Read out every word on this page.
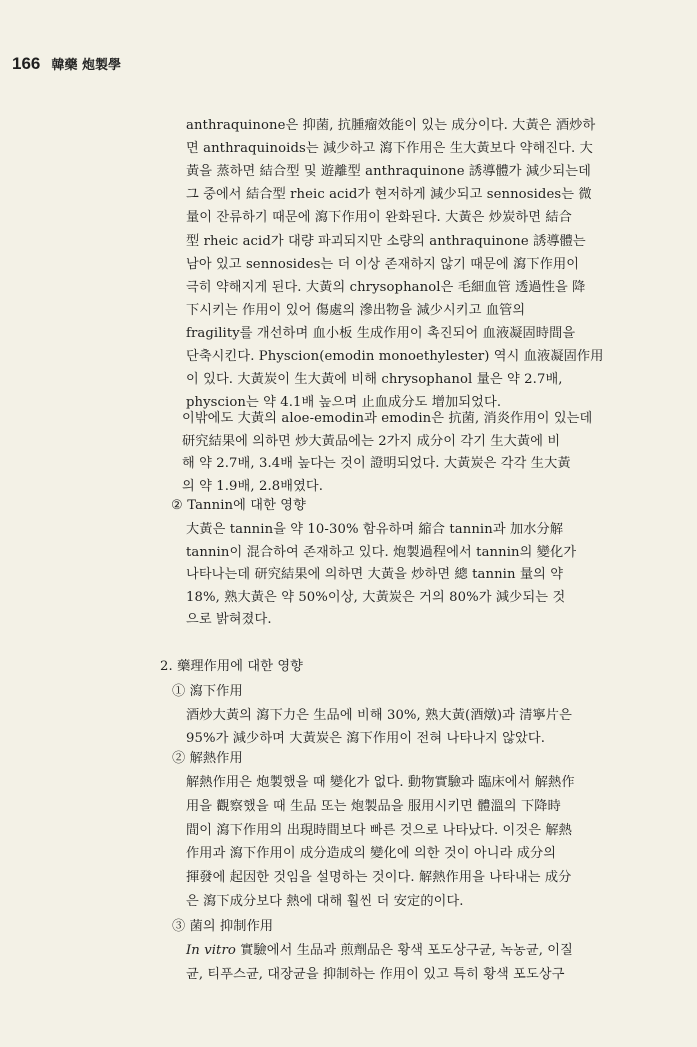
166 韓藥 炮製學
anthraquinone은 抑菌, 抗腫瘤效能이 있는 成分이다. 大黃은 酒炒하
면 anthraquinoids는 減少하고 瀉下作用은 生大黃보다 약해진다. 大
黃을 蒸하면 結合型 및 遊離型 anthraquinone 誘導體가 減少되는데
그 중에서 結合型 rheic acid가 현저하게 減少되고 sennosides는 微
量이 잔류하기 때문에 瀉下作用이 완화된다. 大黃은 炒炭하면 結合
型 rheic acid가 대량 파괴되지만 소량의 anthraquinone 誘導體는
남아 있고 sennosides는 더 이상 존재하지 않기 때문에 瀉下作用이
극히 약해지게 된다. 大黃의 chrysophanol은 毛細血管 透過性을 降
下시키는 作用이 있어 傷處의 滲出物을 減少시키고 血管의
fragility를 개선하며 血小板 生成作用이 촉진되어 血液凝固時間을
단축시킨다. Physcion(emodin monoethylester) 역시 血液凝固作用
이 있다. 大黃炭이 生大黃에 비해 chrysophanol 量은 약 2.7배,
physcion는 약 4.1배 높으며 止血成分도 增加되었다.
이밖에도 大黃의 aloe-emodin과 emodin은 抗菌, 消炎作用이 있는데
研究結果에 의하면 炒大黃品에는 2가지 成分이 각기 生大黃에 비
해 약 2.7배, 3.4배 높다는 것이 證明되었다. 大黃炭은 각각 生大黃
의 약 1.9배, 2.8배였다.
② Tannin에 대한 영향
大黃은 tannin을 약 10-30% 함유하며 縮合 tannin과 加水分解
tannin이 混合하여 존재하고 있다. 炮製過程에서 tannin의 變化가
나타나는데 研究結果에 의하면 大黃을 炒하면 總 tannin 量의 약
18%, 熟大黃은 약 50%이상, 大黃炭은 거의 80%가 減少되는 것
으로 밝혀졌다.
2. 藥理作用에 대한 영향
① 瀉下作用
酒炒大黃의 瀉下力은 生品에 비해 30%, 熟大黃(酒燉)과 清寧片은
95%가 減少하며 大黃炭은 瀉下作用이 전혀 나타나지 않았다.
② 解熱作用
解熱作用은 炮製했을 때 變化가 없다. 動物實驗과 臨床에서 解熱作
用을 觀察했을 때 生品 또는 炮製品을 服用시키면 體溫의 下降時
間이 瀉下作用의 出現時間보다 빠른 것으로 나타났다. 이것은 解熱
作用과 瀉下作用이 成分造成의 變化에 의한 것이 아니라 成分의
揮發에 起因한 것임을 설명하는 것이다. 解熱作用을 나타내는 成分
은 瀉下成分보다 熱에 대해 훨씬 더 安定的이다.
③ 菌의 抑制作用
In vitro 實驗에서 生品과 煎劑品은 황색 포도상구균, 녹농균, 이질
균, 티푸스균, 대장균을 抑制하는 作用이 있고 특히 황색 포도상구
